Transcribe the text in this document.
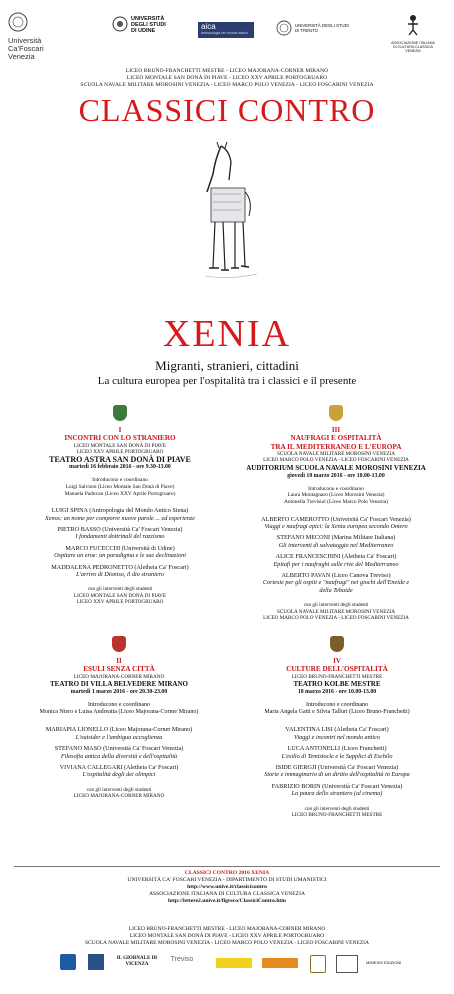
Università
Ca'Foscari
Venezia
UNIVERSITÀ
DEGLI STUDI
DI UDINE	aica
antropologia del mondo antico
UNIVERSITÀ DEGLI STUDI
DI TRENTO
ASSOCIAZIONE ITALIANA
DI CULTURA CLASSICA
VENEZIA
LICEO BRUNO-FRANCHETTI MESTRE - LICEO MAJORANA-CORNER MIRANO
LICEO MONTALE SAN DONÀ DI PIAVE - LICEO XXV APRILE PORTOGRUARO
SCUOLA NAVALE MILITARE MOROSINI VENEZIA - LICEO MARCO POLO VENEZIA - LICEO FOSCARINI VENEZIA
CLASSICI CONTRO
XENIA
Migranti, stranieri, cittadini
La cultura europea per l'ospitalità tra i classici e il presente
I
INCONTRI CON LO STRANIERO
LICEO MONTALE SAN DONÀ DI PIAVE
LICEO XXV APRILE PORTOGRUARO
TEATRO ASTRA SAN DONÀ DI PIAVE
martedì 16 febbraio 2016 - ore 9.30-13.00
Introducono e coordinano
Luigi Salvioni (Liceo Montale San Donà di Piave)
Manuela Padovan (Liceo XXV Aprile Portogruaro)
LUIGI SPINA (Antropologia del Mondo Antico Siena)
Xenos: un nome per comporre nuove parole ... ed esperienze
PIETRO BASSO (Università Ca' Foscari Venezia)
I fondamenti dottrinali del razzismo
MARCO FUCECCHI (Università di Udine)
Ospitare un eroe: un paradigma e le sue declinazioni
MADDALENA PEDRONETTO (Aletheia Ca' Foscari)
L'arrivo di Dioniso, il dio straniero
con gli interventi degli studenti
LICEO MONTALE SAN DONÀ DI PIAVE
LICEO XXV APRILE PORTOGRUARO
III
NAUFRAGI E OSPITALITÀ
TRA IL MEDITERRANEO E L'EUROPA
SCUOLA NAVALE MILITARE MOROSINI VENEZIA
LICEO MARCO POLO VENEZIA - LICEO FOSCARINI VENEZIA
AUDITORIUM SCUOLA NAVALE MOROSINI VENEZIA
giovedì 10 marzo 2016 - ore 10.00-13.00
Introducono e coordinano
Laura Montagnaro (Liceo Morosini Venezia)
Antonella Trevisiol (Liceo Marco Polo Venezia)
ALBERTO CAMEROTTO (Università Ca' Foscari Venezia)
Viaggi e naufragi epici: la Xenia europea secondo Omero
STEFANO MECONI (Marina Militare Italiana)
Gli interventi di salvataggio nel Mediterraneo
ALICE FRANCESCHINI (Aletheia Ca' Foscari)
Epitafi per i naufraghi sulle rive del Mediterraneo
ALBERTO PAVAN (Liceo Canova Treviso)
Cortesie per gli ospiti e "naufragi" nei giochi dell'Eneide e della Tebaide
con gli interventi degli studenti
SCUOLA NAVALE MILITARE MOROSINI VENEZIA
LICEO MARCO POLO VENEZIA - LICEO FOSCARINI VENEZIA
II
ESULI SENZA CITTÀ
LICEO MAJORANA-CORNER MIRANO
TEATRO DI VILLA BELVEDERE MIRANO
martedì 1 marzo 2016 - ore 20.30-23.00
Introducono e coordinano
Monica Niero e Luisa Andreatta (Liceo Majorana-Corner Mirano)
MARIAPIA LIONELLO (Liceo Majorana-Corner Mirano)
L'outsider e l'ambigua accoglienza
STEFANO MASO (Università Ca' Foscari Venezia)
Filosofia antica della diversità e dell'ospitalità
VIVIANA CALLEGARI (Aletheia Ca' Foscari)
L'ospitalità degli dei olimpici
con gli interventi degli studenti
LICEO MAJORANA-CORNER MIRANO
IV
CULTURE DELL'OSPITALITÀ
LICEO BRUNO-FRANCHETTI MESTRE
TEATRO KOLBE MESTRE
18 marzo 2016 - ore 10.00-13.00
Introducono e coordinano
Maria Angela Gatti e Silvia Talluri (Liceo Bruno-Franchetti)
VALENTINA LISI (Aletheia Ca' Foscari)
Viaggi e incontri nel mondo antico
LUCA ANTONELLI (Liceo Franchetti)
L'esilio di Temistocle e le Supplici di Eschilo
ISIDE GIERGJI (Università Ca' Foscari Venezia)
Storie e immaginario di un diritto dell'ospitalità in Europa
FABRIZIO BORIN (Università Ca' Foscari Venezia)
La paura dello straniero (al cinema)
con gli interventi degli studenti
LICEO BRUNO-FRANCHETTI MESTRE
CLASSICI CONTRO 2016 XENIA
UNIVERSITÀ CA' FOSCARI VENEZIA - DIPARTIMENTO DI STUDI UMANISTICI
http://www.unive.it/classicicontro
ASSOCIAZIONE ITALIANA DI CULTURA CLASSICA VENEZIA
http://lettere2.unive.it/flgreco/ClassiciContro.htm
LICEO BRUNO-FRANCHETTI MESTRE - LICEO MAJORANA-CORNER MIRANO
LICEO MONTALE SAN DONÀ DI PIAVE - LICEO XXV APRILE PORTOGRUARO
SCUOLA NAVALE MILITARE MOROSINI VENEZIA - LICEO MARCO POLO VENEZIA - LICEO FOSCARINI VENEZIA
IL GIORNALE DI VICENZA
Treviso	MIMESIS EDIZIONI
